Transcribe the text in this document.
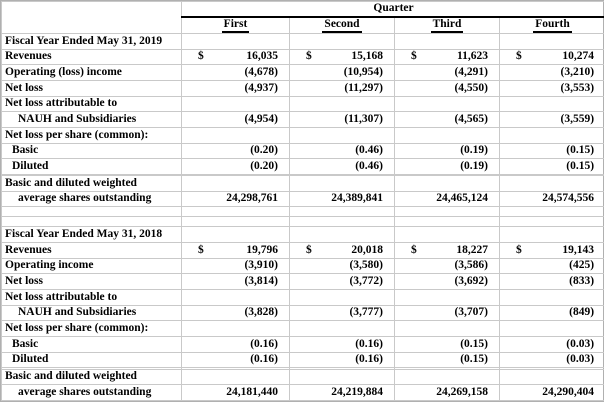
	Quarter			
	First	Second	Third	Fourth
Fiscal Year Ended May 31, 2019				
Revenues	$ 16,035	$ 15,168	$ 11,623	$ 10,274

Operating (loss) income	(4,678)	(10,954)	(4,291)	(3,210)
Net loss	(4,937)	(11,297)	(4,550)	(3,553)
Net loss attributable to				
NAUH and Subsidiaries	(4,954)	(11,307)	(4,565)	(3,559)
Net loss per share (common):				
Basic	(0.20)	(0.46)	(0.19)	(0.15)
Diluted	(0.20)	(0.46)	(0.19)	(0.15)

Basic and diluted weighted				
average shares outstanding	24,298,761	24,389,841	24,465,124	24,574,556

Fiscal Year Ended May 31, 2018				
Revenues	$ 19,796	$ 20,018	$ 18,227	$ 19,143

Operating income	(3,910)	(3,580)	(3,586)	(425)
Net loss	(3,814)	(3,772)	(3,692)	(833)
Net loss attributable to				
NAUH and Subsidiaries	(3,828)	(3,777)	(3,707)	(849)
Net loss per share (common):				
Basic	(0.16)	(0.16)	(0.15)	(0.03)
Diluted	(0.16)	(0.16)	(0.15)	(0.03)

Basic and diluted weighted				
average shares outstanding	24,181,440	24,219,884	24,269,158	24,290,404
